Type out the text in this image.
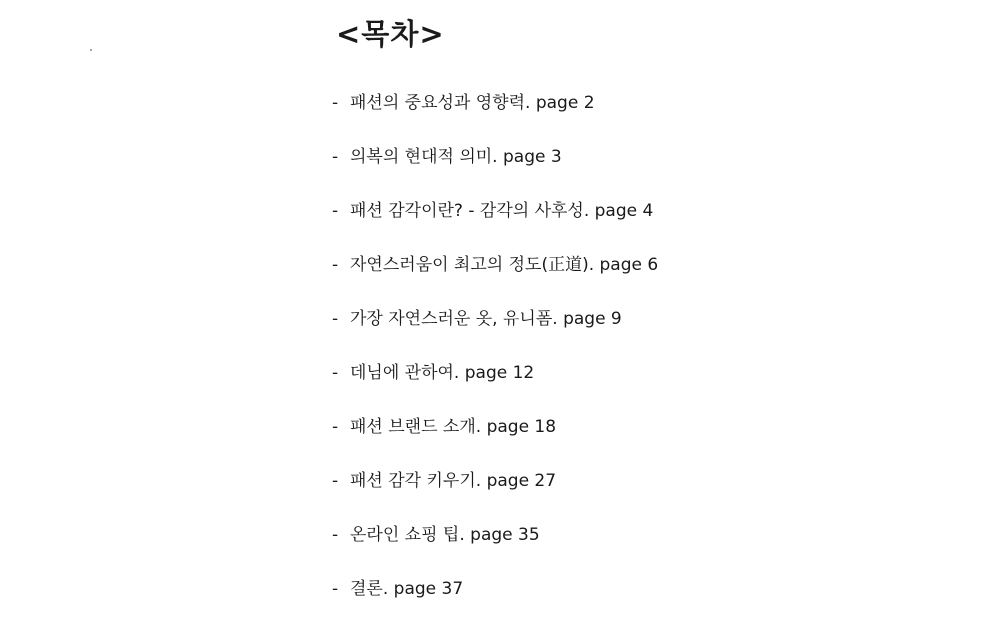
<목차>
- 패션의 중요성과 영향력. page 2
- 의복의 현대적 의미. page 3
- 패션 감각이란? - 감각의 사후성. page 4
- 자연스러움이 최고의 정도(正道). page 6
- 가장 자연스러운 옷, 유니폼. page 9
- 데님에 관하여. page 12
- 패션 브랜드 소개. page 18
- 패션 감각 키우기. page 27
- 온라인 쇼핑 팁. page 35
- 결론. page 37
